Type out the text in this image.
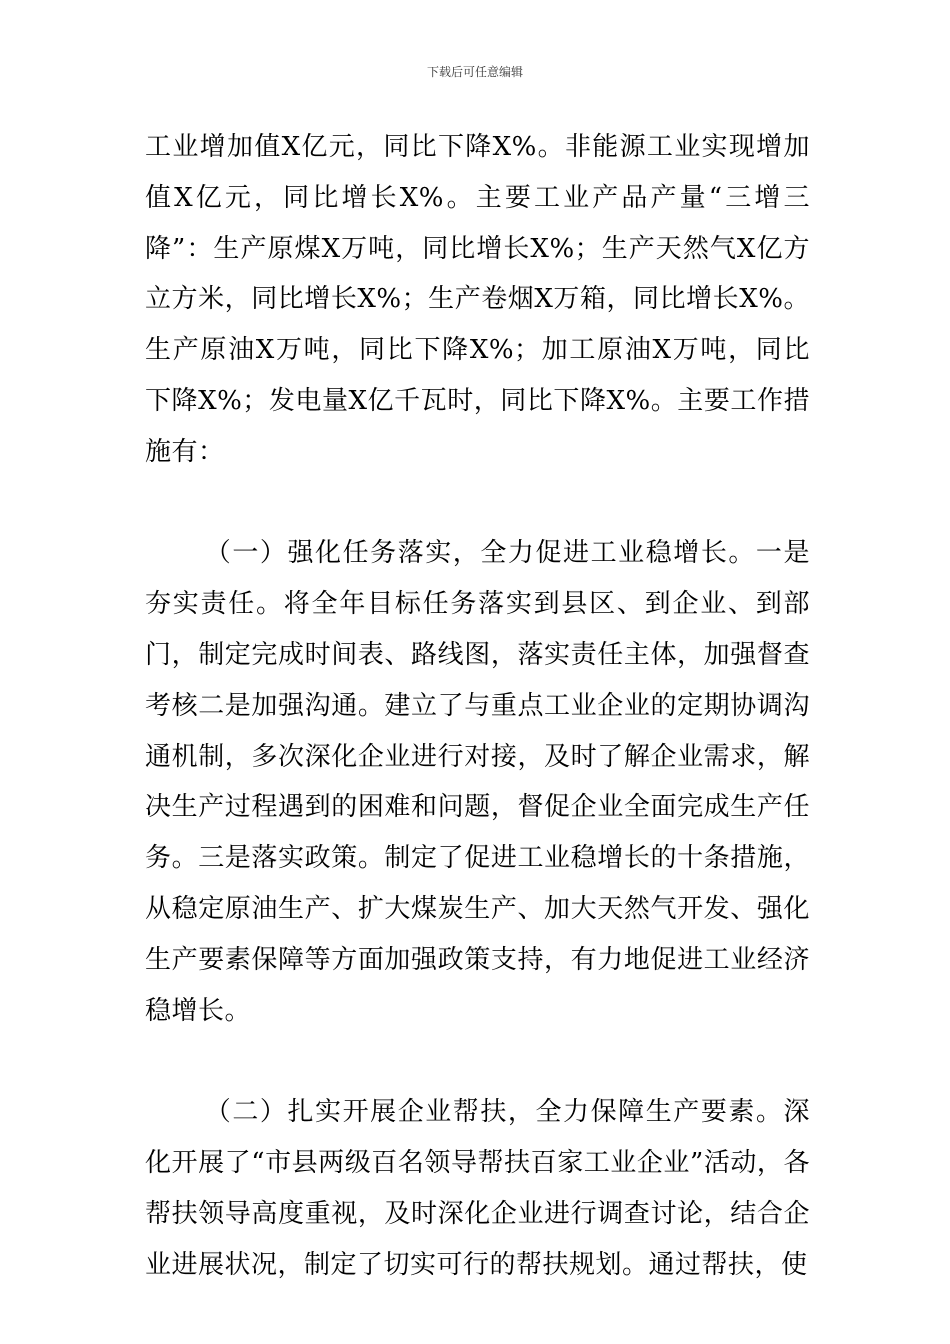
下载后可任意编辑

工业增加值X亿元，同比下降X%。非能源工业实现增加值X亿元，同比增长X%。主要工业产品产量“三增三降”：生产原煤X万吨，同比增长X%；生产天然气X亿方立方米，同比增长X%；生产卷烟X万箱，同比增长X%。生产原油X万吨，同比下降X%；加工原油X万吨，同比下降X%；发电量X亿千瓦时，同比下降X%。主要工作措施有：

（一）强化任务落实，全力促进工业稳增长。一是夯实责任。将全年目标任务落实到县区、到企业、到部门，制定完成时间表、路线图，落实责任主体，加强督查考核二是加强沟通。建立了与重点工业企业的定期协调沟通机制，多次深化企业进行对接，及时了解企业需求，解决生产过程遇到的困难和问题，督促企业全面完成生产任务。三是落实政策。制定了促进工业稳增长的十条措施，从稳定原油生产、扩大煤炭生产、加大天然气开发、强化生产要素保障等方面加强政策支持，有力地促进工业经济稳增长。

（二）扎实开展企业帮扶，全力保障生产要素。深化开展了“市县两级百名领导帮扶百家工业企业”活动，各帮扶领导高度重视，及时深化企业进行调查讨论，结合企业进展状况，制定了切实可行的帮扶规划。通过帮扶，使
